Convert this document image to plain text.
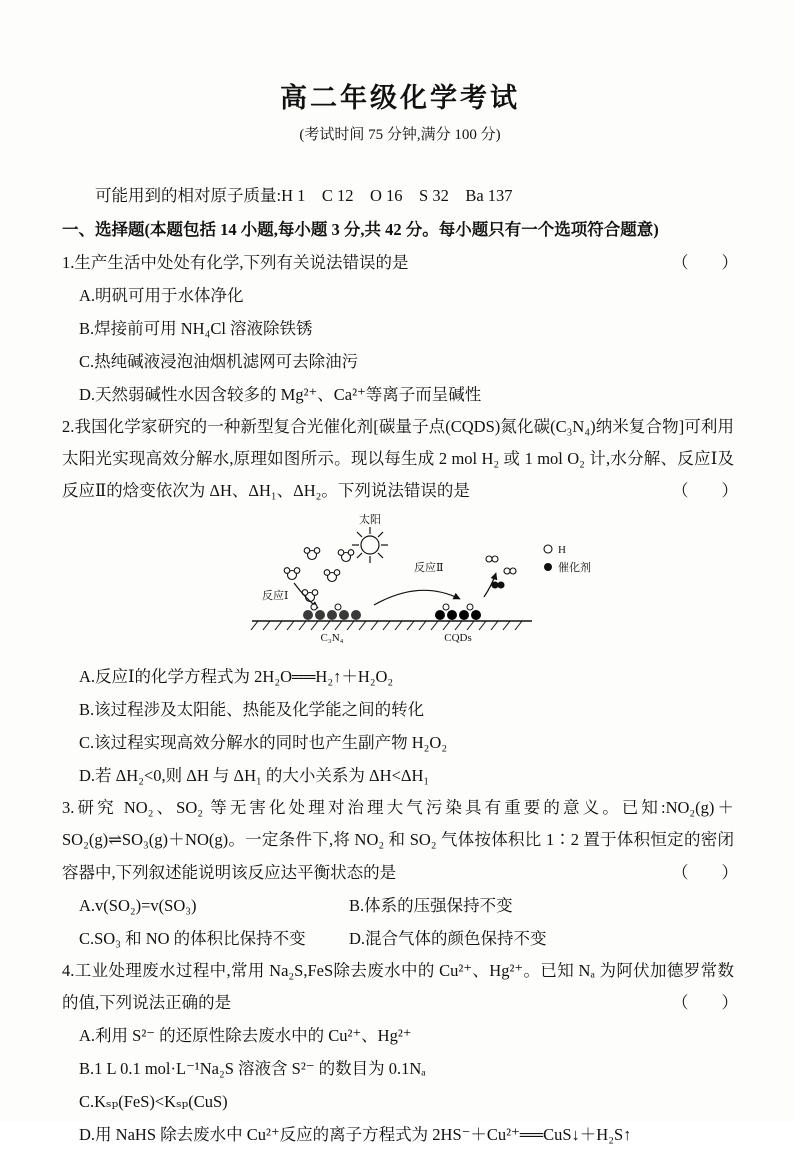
高二年级化学考试

(考试时间 75 分钟,满分 100 分)

可能用到的相对原子质量:H 1　C 12　O 16　S 32　Ba 137

一、选择题(本题包括 14 小题,每小题 3 分,共 42 分。每小题只有一个选项符合题意)

1.生产生活中处处有化学,下列有关说法错误的是	（　　）

A.明矾可用于水体净化

B.焊接前可用 NH₄Cl 溶液除铁锈

C.热纯碱液浸泡油烟机滤网可去除油污

D.天然弱碱性水因含较多的 Mg²⁺、Ca²⁺等离子而呈碱性

2.我国化学家研究的一种新型复合光催化剂[碳量子点(CQDS)氮化碳(C₃N₄)纳米复合物]可利用太阳光实现高效分解水,原理如图所示。现以每生成 2 mol H₂ 或 1 mol O₂ 计,水分解、反应Ⅰ及反应Ⅱ的焓变依次为 ΔH、ΔH₁、ΔH₂。下列说法错误的是	（　　）

太阳
反应Ⅰ
反应Ⅱ
C₃N₄	CQDs
H
催化剂

A.反应Ⅰ的化学方程式为 2H₂O══H₂↑＋H₂O₂

B.该过程涉及太阳能、热能及化学能之间的转化

C.该过程实现高效分解水的同时也产生副产物 H₂O₂

D.若 ΔH₂<0,则 ΔH 与 ΔH₁ 的大小关系为 ΔH<ΔH₁

3.研究 NO₂、SO₂ 等无害化处理对治理大气污染具有重要的意义。已知:NO₂(g)＋SO₂(g)⇌SO₃(g)＋NO(g)。一定条件下,将 NO₂ 和 SO₂ 气体按体积比 1∶2 置于体积恒定的密闭容器中,下列叙述能说明该反应达平衡状态的是	（　　）

A.v(SO₂)=v(SO₃)	B.体系的压强保持不变

C.SO₃ 和 NO 的体积比保持不变	D.混合气体的颜色保持不变

4.工业处理废水过程中,常用 Na₂S,FeS除去废水中的 Cu²⁺、Hg²⁺。已知 Nₐ 为阿伏加德罗常数的值,下列说法正确的是	（　　）

A.利用 S²⁻ 的还原性除去废水中的 Cu²⁺、Hg²⁺

B.1 L 0.1 mol·L⁻¹Na₂S 溶液含 S²⁻ 的数目为 0.1Nₐ

C.Kₛₚ(FeS)<Kₛₚ(CuS)

D.用 NaHS 除去废水中 Cu²⁺反应的离子方程式为 2HS⁻＋Cu²⁺══CuS↓＋H₂S↑
